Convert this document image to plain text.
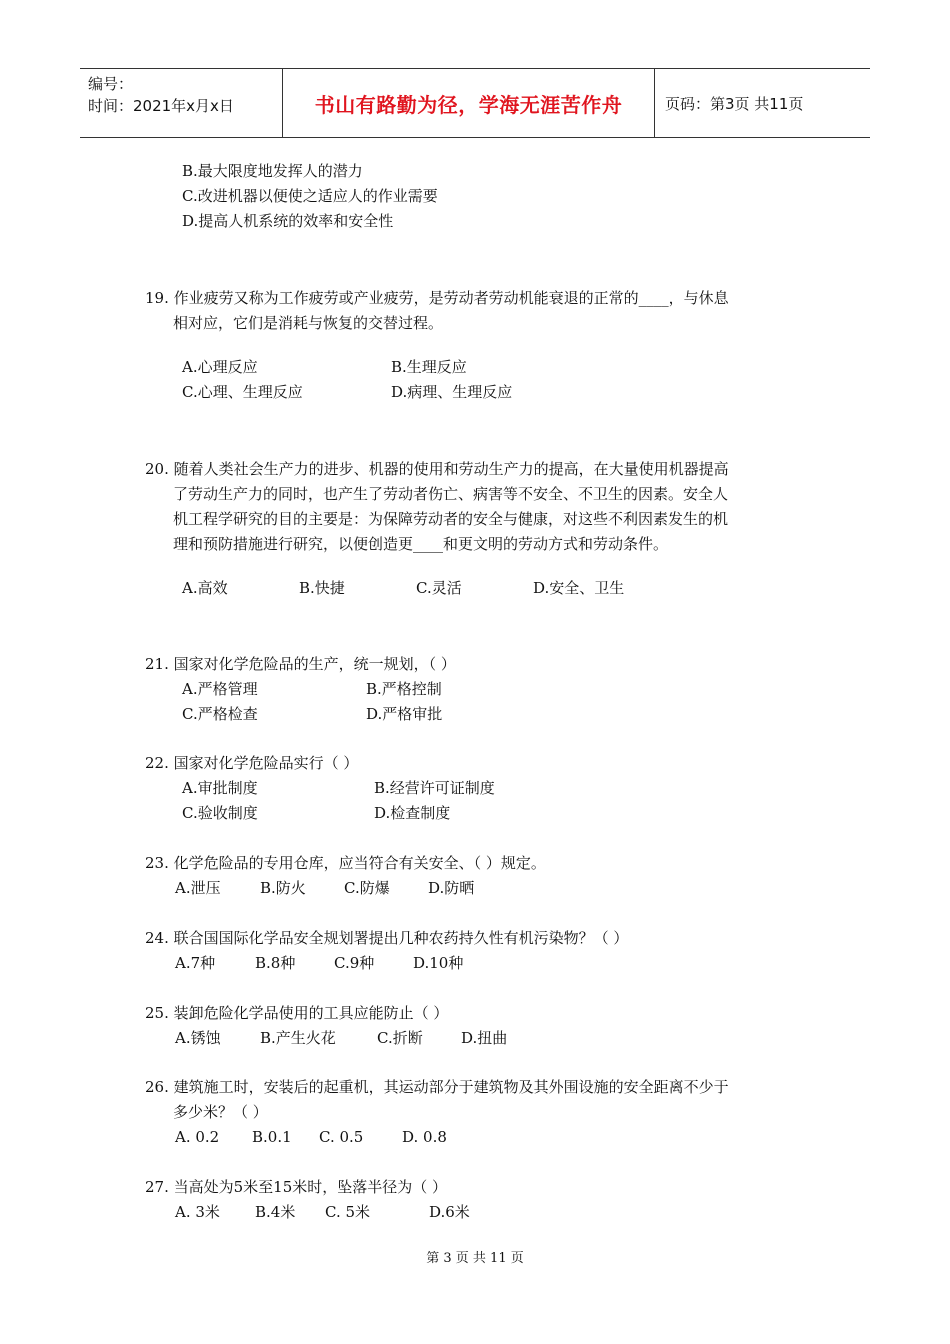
编号：
时间：2021年x月x日	书山有路勤为径，学海无涯苦作舟	页码：第3页 共11页
B.最大限度地发挥人的潜力
C.改进机器以便使之适应人的作业需要
D.提高人机系统的效率和安全性
19. 作业疲劳又称为工作疲劳或产业疲劳，是劳动者劳动机能衰退的正常的____，与休息
相对应，它们是消耗与恢复的交替过程。
A.心理反应	B.生理反应
C.心理、生理反应	D.病理、生理反应
20. 随着人类社会生产力的进步、机器的使用和劳动生产力的提高，在大量使用机器提高
了劳动生产力的同时，也产生了劳动者伤亡、病害等不安全、不卫生的因素。安全人
机工程学研究的目的主要是：为保障劳动者的安全与健康，对这些不利因素发生的机
理和预防措施进行研究，以便创造更____和更文明的劳动方式和劳动条件。
A.高效	B.快捷	C.灵活	D.安全、卫生
21. 国家对化学危险品的生产，统一规划，（ ）
A.严格管理	B.严格控制
C.严格检查	D.严格审批
22. 国家对化学危险品实行（ ）
A.审批制度	B.经营许可证制度
C.验收制度	D.检查制度
23. 化学危险品的专用仓库，应当符合有关安全、（ ）规定。
A.泄压	B.防火	C.防爆	D.防晒
24. 联合国国际化学品安全规划署提出几种农药持久性有机污染物？（ ）
A.7种	B.8种	C.9种	D.10种
25. 装卸危险化学品使用的工具应能防止（ ）
A.锈蚀	B.产生火花	C.折断	D.扭曲
26. 建筑施工时，安装后的起重机，其运动部分于建筑物及其外围设施的安全距离不少于
多少米？（ ）
A. 0.2 B.0.1 C. 0.5	D. 0.8
27. 当高处为5米至15米时，坠落半径为（ ）
A. 3米 B.4米 C. 5米	D.6米
第 3 页 共 11 页
